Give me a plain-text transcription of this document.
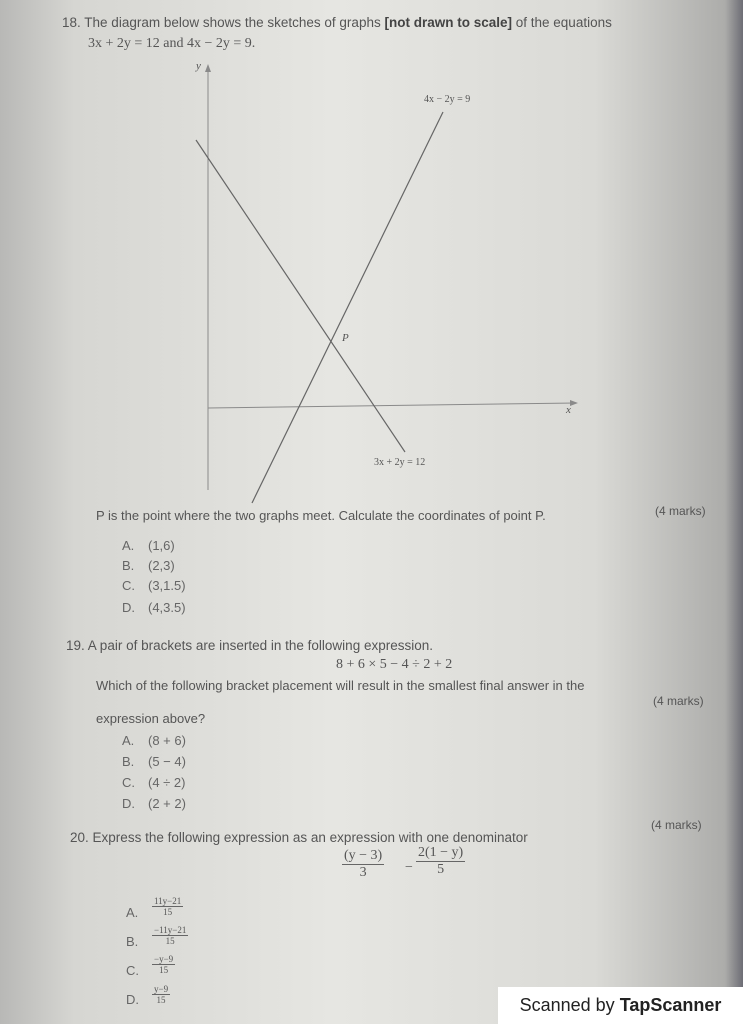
18. The diagram below shows the sketches of graphs [not drawn to scale] of the equations
3x + 2y = 12 and 4x − 2y = 9.
y
x
4x − 2y = 9
3x + 2y = 12
P
P is the point where the two graphs meet. Calculate the coordinates of point P.	(4 marks)
A. (1,6)
B. (2,3)
C. (3,1.5)
D. (4,3.5)
19. A pair of brackets are inserted in the following expression.
8 + 6 × 5 − 4 ÷ 2 + 2
Which of the following bracket placement will result in the smallest final answer in the
(4 marks)
expression above?
A. (8 + 6)
B. (5 − 4)
C. (4 ÷ 2)
D. (2 + 2)
20. Express the following expression as an expression with one denominator
(4 marks)
$\frac{(y - 3)}{3} - \frac{2(1 - y)}{5}$
A. $\frac{11y-21}{15}$
B. $\frac{-11y-21}{15}$
C. $\frac{-y-9}{15}$
D. $\frac{y-9}{15}$	Scanned by TapScanner
